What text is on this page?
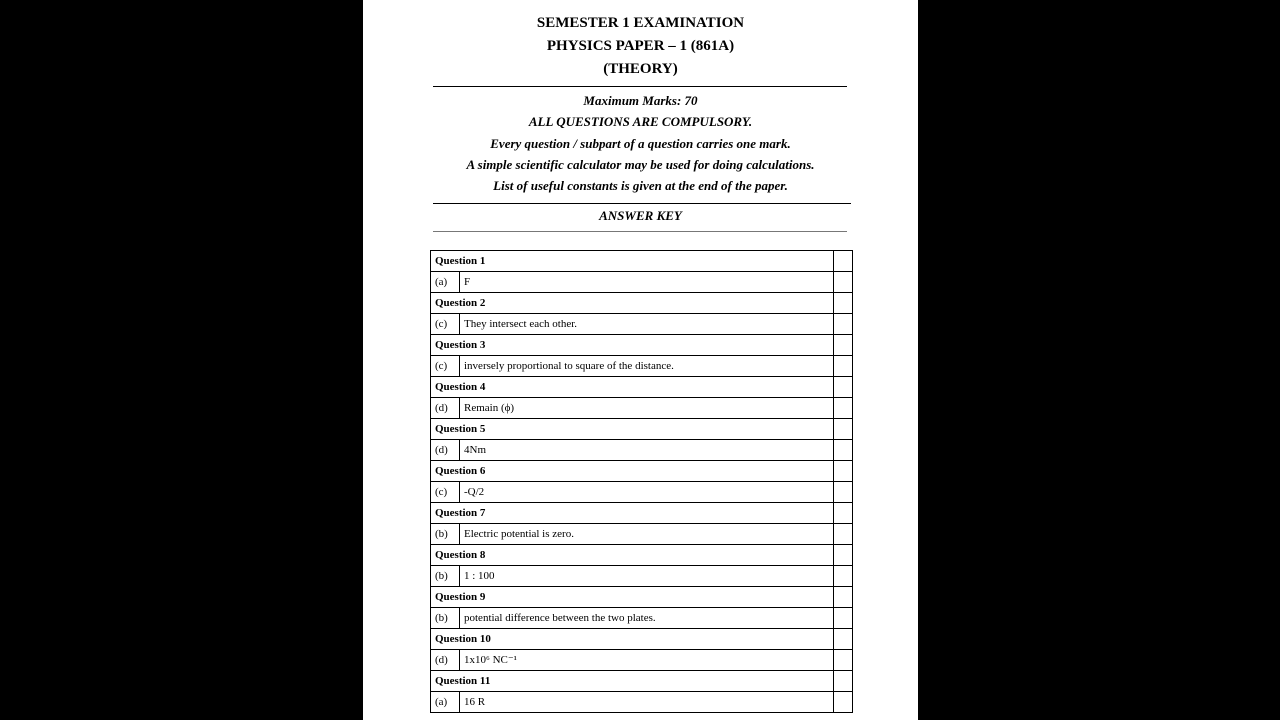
SEMESTER 1 EXAMINATION
PHYSICS PAPER – 1 (861A)
(THEORY)
Maximum Marks: 70
ALL QUESTIONS ARE COMPULSORY.
Every question / subpart of a question carries one mark.
A simple scientific calculator may be used for doing calculations.
List of useful constants is given at the end of the paper.
ANSWER KEY
Question 1		
(a)	F	
Question 2		
(c)	They intersect each other.	
Question 3		
(c)	inversely proportional to square of the distance.	
Question 4		
(d)	Remain (ϕ)	
Question 5		
(d)	4Nm	
Question 6		
(c)	-Q/2	
Question 7		
(b)	Electric potential is zero.	
Question 8		
(b)	1 : 100	
Question 9		
(b)	potential difference between the two plates.	
Question 10		
(d)	1x10⁶ NC⁻¹	
Question 11		
(a)	16 R	
